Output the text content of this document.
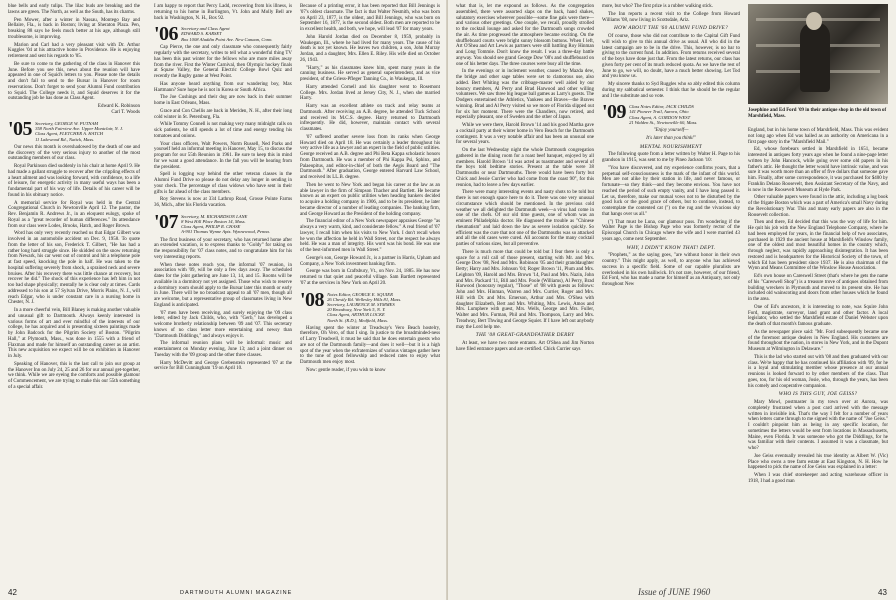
blue bells and early tulips. The lilac buds are breaking and the lawns are green. The North, as well as the South, has its charms.

Pen Mower, after a winter in Nassau, Montego Bay and Bellaire, Fla., is back in Boston; living at Sheraton Plaza. Pen, breaking 88 says he feels much better at his age, although still troublesome, is improving.

Marion and Carl had a very pleasant visit with Dr. Arthur Kuggles '04 at his attractive home in Providence. He is enjoying retirement and sent his regards to '05.

Be sure to come to the gathering of the class in Hanover this June. Before you see this, news about the reunion will have appeared in one of Squid's letters to you. Please note the details and don't fail to send to the Bursar in Hanover for room reservations. Don't forget to send your Alumni Fund contribution to Squid. The College needs it, and Squid deserves it for the outstanding job he has done as Class Agent.

Edward K. Robinson
Carl T. Woods
'05 Secretary, GEORGE W. PUTNAM
358 North Fairview Ave. Upper Montclair, N. J.
Class Agent, FLETCHER A. HATCH
11 Lakewood Rd., Natick, Mass.

Our news this month is overshadowed by the death of one and the discovery of the very serious injury to another of the most outstanding members of our class.

Royal Parkinson died suddenly in his chair at home April 9. He had made a gallant struggle to recover after the crippling effects of a heart ailment and was looking forward, with confidence, to a life of leisure, for energetic activity in many useful ways has been a fundamental part of his way of life. Details of his career will be found in his obituary notice.

A memorial service for Royal was held in the Central Congregational Church in Newtonville April 12. The pastor, the Rev. Benjamin R. Andrews Jr., in an eloquent eulogy, spoke of Royal as a "great recorder of human differences." Its attendance from our class were Lodes, Brooks, Hatch, and Roger Brown.

Word has only very recently reached us that Edgar Gilbert was involved in an automobile accident on Dec. 9, 1958. To quote from the letter of his son, Frederick T. Gilbert, "He has had a rather long hard struggle since. He skidded on the snow returning from Newark, his car went out of control and hit a telephone pole at fast speed, knocking the pole in half. He was taken to the hospital suffering severely from shock, a sprained neck and severe bruises. After his recovery there was little chance at recovery, but recover he did." The shock of this experience has left him in not too bad shape physically; mentally he is clear only at times. Cards addressed to his son at 57 Sylvan Drive, Morris Plains, N. J., will reach Edgar, who is under constant care in a nursing home in Chester, N. J.

In a more cheerful vein, Bill Blaney is making another valuable and unusual gift to Dartmouth. Always keenly interested in various forms of art and ever mindful of the interests of our college, he has acquired and is presenting sixteen paintings made by John Badcock for the Pilgrim Society of Boston. "Pilgrim Hall," at Plymouth, Mass., was done in 1555 with a friend of Flaxman and made for himself an outstanding career as an artist. This new acquisition we expect will be on exhibition in Hanover in July.

Speaking of Hanover, this is the last call to join our group at the Hanover Inn on July 24, 25 and 26 for our annual get-together, we think. While we are eyeing the comforts and possible glamour of Commencement, we are trying to make this our 55th something of a special affair.

I am happy to report that Percy Ladd, recovering from his illness, is returning to his home in Burlington, Vt. John and Molly Bell are back in Washington, N. H., Box 92.

'06 Secretary and Class Agent
EDWARD S. KARSET
Box 1008 Aladdin Point Ave. New Canaan, Conn.

Cap Pierce, the one and only classmate who consequently fairly regularly with the secretary, writes to tell what a wonderful thing TV has been this past winter for the fellows who are more miles away from the river. First the Winter Carnival, then Olympic hockey finals at Squaw Valley, the General Electric College Bowl Quiz and recently the Rugby game at West Point.

Has anyone heard anything from our wandering boy, Max Hartmann? Sure hope he is not in Korea or South Africa.

The Joe Cushings and their dog are now back in their summer home in East Orleans, Mass.

Grace and Con Chellis are back in Meriden, N. H., after their long cold winter in St. Petersburg, Fla.

While Tommy Connell is not making very many midnight calls on sick patients, he still spends a lot of time and energy tending his tomatoes and onions.

Your class officers, Walt Powers, Norm Russell, Ned Parks and yourself held an informal meeting in Hanover, May 15, to discuss the program for our 55th Reunion in 1961. Be sure to keep this in mind for we want a good attendance. In the fall you will be hearing from the president.

Spell is logging way behind the other veteran classes in the Alumni Fund Drive so please do not delay any longer in sending in your check. The percentage of class widows who have sent in their gifts is far ahead of the class members.

Roy Stevens is now at 334 Lathrop Road, Grosse Pointe Farms 36, Mich., after his Florida vacation.

'07 Secretary, M. RICHARDSON LANE
8 West Hill Place Boston 14, Mass.
Class Agent, PHILIP R. CHASE
A-901 Thomas Wynne Apts. Wynnewood, Penna.

The first business of your secretary, who has returned home after an extended vacation, is to express thanks to "Goldy" for taking on the responsibility for '07 class notes, and to congratulate him for his very interesting reports.

When these notes reach you, the informal '07 reunion, in association with '09, will be only a few days away. The scheduled dates for the joint gathering are June 13, 14, and 15. Rooms will be available in a dormitory not yet assigned. Those who wish to reserve a dormitory room should apply to the Bursar later this month or early in June. There will be no broadcast appeal to all '07 men, though all are welcome, but a representative group of classmates living in New England is anticipated.

'07 men have been receiving, and surely enjoying the '09 class letter, edited by Jack Childs, who, with "Gerb," has developed a welcome brotherly relationship between '09 and '07. This secretary knows of no class letter more entertaining and newsy than "Dartmouth Diddlings," and always enjoys it.

The informal reunion plans will be informal: music and entertainment on Monday evening, June 13; and a joint dinner on Tuesday with the '09 group and the other three classes.

Harry McDevitt and George Grebenstein represented '07 at the service for Bill Cunningham '19 on April 10.

Because of a printing error, it has been reported that Bill Jennings is '07's oldest classmate. The fact is that Walter Nesmith, who was born on April 23, 1877, is the oldest, and Bill Jennings, who was born on September 16, 1877, is the second oldest. Both men are reported to be in excellent health, and both, we hope, will lead '07 for many years.

John Harold Jordan died on December 8, 1959, probably in Waukegan, Ill., where he had lived for many years. The cause of his death is not yet known. He leaves two children, a son, John Murray Jordan, and a daughter, Mrs. Ellen E. Riley. His wife died on October 26, 1943.

"Harry," as his classmates knew him, spent many years in the canning business. He served as general superintendent, and as vice president, of the Griess-Pfleger Tanning Co., in Waukegan, Ill.

Harry attended Cornell and his daughter went to Rosemont College. Mrs. Jordan lived at Jersey City, N. J., when she married Harry.

Harry was an excellent athlete on track and relay teams at Dartmouth. After receiving an A.B. degree, he attended Tuck School and received its M.C.S. degree. Harry returned to Dartmouth infrequently. He did, however, maintain contact with several classmates.

'07 suffered another severe loss from its ranks when George Howard died on April 18. He was certainly a leader throughout his very active life as a lawyer and an expert in the field of public utilities. George received an A.B. degree and Phi Beta Kappa scholastic honors from Dartmouth. He was a member of Phi Kappa Psi, Sphinx, and Palaeopitus, and editor-in-chief of both the Aegis Board and "The Dartmouth." After graduation, George entered Harvard Law School, and received its LL.B. degree.

Then he went to New York and began his career at the law as an able lawyer in the firm of Simpson Thacher and Bartlett. He became known as an expert on public utilities when heading bankers decided to acquire a holding company in 1906, and to be its president, he later became director of a number of leading companies. The banking firm, and George Howard as the President of the holding company.

The financial editor of a New York newspaper appraises George "as always a very warm, kind, and considerate fellow." A real friend of '07 lawyer, I recall him when his visits to New York. I don't recall when he won the affection he held in Wall Street, nor the respect he always held. He was a man of integrity. His word was his bond. He was one of the best-informed men in Wall Street."

George's son, George Howard Jr., is a partner in Harris, Upham and Company, a New York investment banking firm.

George was born in Craftsbury, Vt., on Nov. 24, 1885. He has now returned to that quiet and peaceful village. Sam Bartlett represented '07 at the services in New York on April 20.

'08 Notes Editor, GEORGE E. SQUIER
26 Chestly Rd. Wellesley Hills 81, Mass.
Secretary, LAURENCE M. SYMMES
20 Broadway, New York 5, N. Y.
Class Agent, ARTHUR LOCKE
North St. (R.D.), Medfield, Mass.

Having spent the winter at Treadway's Vero Beach hostelry, therefore, Oh Vero, of that I sing. In justice to the broadminded-ness of Larry Treadwell, it must be said that he does entertain guests who are not of the Dartmouth family—and does it well—but it is a high spot of the year when the exfraternizes of various vintages gather here to the tune of good fellowship and reduced rates to enjoy what Dartmouth men enjoy most.

Now: gentle reader, if you wish to know

42	DARTMOUTH ALUMNI MAGAZINE

what that is, let me expound as follows. As the congregation assembled, there were assorted slaps on the back, hand shakes, salutatory exercises wherever possible—some fine gals were there—and various other greetings. One couple, we recall, proudly strolled to the cocktail lounge and asked for the Dartmouth songs crowded the air. As time progressed the atmosphere became exciting. On the shuffleboard courts were bright sunny blossom buttons. When I left, Art O'Shea and Art Lewis as partners were still battling Roy Hinman and Long Tommie. Don't know the result. I was a three-day battle anyway. You should see grand George Dow '08's and shuffleboard on one of his better days. The three courses were busy all the time.

In the evenings or in inclement weather, caused by Mazda dew, the bridge and other sage tables were set to clamorous use, also added. Bert Whiting was the cribbage-master well aided by our bouncy members, Al Perry and Brad Harwood and other willing volunteers. We saw three big league ball games as Larry's guests. The Dodgers entertained the Athletics, Yankees and Braves—the Braves winning. Brad and Al Perry visited so we more of Florida slipped out for six hot moment. There were the Chandlers, now retired, and especially pleasant, one of Sweden and the other of Japan.

While we were there, Harold Brown '14 and his good Martha gave a cocktail party at their winter home in Vero Beach for the Dartmouth contingent. It was a very notable affair and has been an unusual one for several years.

On the last Wednesday night the whole Dartmouth congregation gathered in the dining room for a roast beef banquet, enjoyed by all members. Harold Brown '14 was acted as toastmaster and several of the boys told bedtime stories. Present at the table were 38 Dartmouths or near Dartmouths. There would have been forty but Chick and Jessie Currier who had come from the coast 90°, for this reunion, had to leave a few days earlier.

There were many interesting events and nasty shots to be told but there is not enough space here to do it. There was one very unusual circumstance which should be mentioned. In the previous cold weather we all delighted the Dartmouth week—a virus had come in one of the chefs. Of our old time guests, one of whom was an eminent Philadelphia doctor. He diagnosed the trouble as "Chinese rheumatism" and laid down the law as severe isolation quickly. So efficient was the cure that not one of the Dartmouths was so attacked and all the old cases were cured. All accounts for the many cocktail parties of various sizes, but all preventive.

There is much more that could be told but I fear there is only a space for a roll call of those present, starting with Mr. and Mrs. George Dow '08, Ned and Mrs. Robinson '05 and their granddaughter Betty; Harry and Mrs. Johnson '04; Roger Brown '11, Plum and Mrs. Leighton '09, Harold and Mrs. Brown '14, Paul and Mrs. Nazin, John and Mrs. Packard '11, Bill and Mrs. Poole (Williams), Al Perry, Brad Harwood (honorary regular), "Those" of '08 with guests as follows: John and Mrs. Hinman, Warren and Mrs. Currier, Roger and Mrs. Hill with Dr. and Mrs. Emerson, Arthur and Mrs. O'Shea with daughter Elizabeth, Bert and Mrs. Whiting, Mrs. Lewis, Amos and Mrs. Lumphere with guest, Mrs. Wells, George and Mrs. Fuller, Walter and Mrs. Furman, Phil and Mrs. Thompson, Larry and Mrs. Treadway, Bert Thwing and George Squier. If I have left out anybody may the Lord help me.

THE '08 GREAT-GRANDFATHER DERBY

At least, we have two more entrants. Art O'Shea and Jim Norton have filed entrance papers and are certified. Chick Currier says

more, but who? The first prize is a rubber walking stick.

The Inn reports a recent visit to the College from Howard Williams '08, now living in Scottsdale, Ariz.

HOW ABOUT THE '60 ALUMNI FUND DRIVE?

Of course, those who did not contribute to the Capital Gift Fund will wish to give to this annual drive as usual. All who did in the latest campaign are to be in the drive. This, however, is no bar to giving to the current fund. In addition. From returns received several of the boys have done just that. From the latest returns, our class has given forty per cent of its much reduced quota. As we have the rest of June to go, we will, no doubt, have a much better showing. Let Tod and you know us.

My sincere thanks to Syd Ruggles who so ably edited this column during my sabbatical semester. I think that he should be the regular and I the substitute and so vote.

'09 Class Notes Editor, JACK CHILDS
141 Pioneer Trail, Aurora, Ohio
Class Agent, A. GORDON WEST
21 Walden St., Newtonville 60, Mass.
"Enjoy yourself—
It's later than you think!"
MENTAL NOURISHMENT

The following quote from a letter written by Walter H. Page to his grandson in 1915, was sent to me by Pineo Jackson '10:

"You have discovered, and my experience confirms yours, that a perpetual self-consciousness is the mark of the infant of this world. Men are not alike by their station in life, and never famous, or fortunate—so they think—and they become envious. You have not reached the period of such empty vanity, and I have long passed it. Let us, therefore, make our mutual vows not to be disturbed by the good luck or the good grace of others, but to continue, instead, to contemplate the contented cat (") on the rug and the vivacious sky that hangs over us all."

(") That must be Luna, our glamour puss. I'm wondering if the Walter Page is the Bishop Page who was formerly rector of the Episcopal Church in Chicago where the wife and I were married 43 years ago, come next September.

WHY, I DIDN'T KNOW THAT! DEPT.

"Prophets," as the saying goes, "are without honor in their own country." This might apply, as well, to anyone who has achieved success in a specific field. Some of our capable pluralists are overlooked in his own bailiwick. It's not rare, however, of our friend, Ed Ford, who has made a name for himself as an Antiquary, not only throughout New

Josephine and Ed Ford '09 in their antique shop in the old town of Marshfield, Mass.

England, but in his home town of Marshfield, Mass. This was evident not long ago when Ed was hailed as an authority on Americana in a first page story in the "Marshfield Mail."

Ed, whose forebears settled in Marshfield in 1651, became interested in antiques forty years ago when he found a nine-page letter written by John Hancock, while going over some old papers in his father's attic. He thought the letter would have intrinsic value, and was sure it was worth more than an offer of five dollars that someone gave him. Finally, after some correspondence, it was purchased for $400 by Franklin Delano Roosevelt, then Assistant Secretary of the Navy, and is now in the Roosevelt Museum at Hyde Park.

Other valuable papers were found in the attic, including a log book of the frigate Boston which was a part of America's small Navy during the Revolutionary War. This and many early papers are also in the Roosevelt collection.

Then and there, Ed decided that this was the way of life for him. He quit his job with the New England Telephone Company, where he had been employed for years, in the financial help of two associates, purchased in 1929 the ancient house at Marshfield's Winslow family, one of the oldest and most beautiful homes in the country which, through neglect, was rapidly approaching disintegration. It has been restored and is headquarters for the Historical Society of the town, of which Ed has been president since 1937. He is also chairman of the Wynn and Means Committee of the Winslow House Association.

Ed's own house on Careswell Street (that's where he gets the name of his "Careswell Shop") is a treasure trove of antiques obtained from building wreckers in Plymouth and moved to its present site. He has included old wainscoting and doors from other houses which he found in the area.

One of Ed's ancestors, it is interesting to note, was Squire John Ford, magistrate, surveyor, land grant and other factor. A local legislator, who settled the Marshfield estate of Daniel Webster upon the death of that month's famous graduate.

As the newspaper piece said: "Mr. Ford subsequently became one of the foremost antique dealers in New England. His customers are found throughout the nation, in stores in New York, and in the Dupont Museum at Wilmington in Delaware."

This is the lad who started out with '08 and then graduated with our class. We're happy that he has continued his affiliation with '09, for he is a loyal and stimulating member whose presence at our annual reunions is looked forward to by other members of the class. That goes, too, for his old woman, Josie, who, through the years, has been his comely and cooperative companion.

WHO IS THIS GUY, JOE GEISS?

Mary Mowl, postmaster in my town over at Aurora, was completely frustrated when a post card arrived with the message written in invisible ink. That's the way I felt for a number of years when letters came through to me signed with the name of "Joe Geiss." I couldn't pinpoint him as being in any specific location, for sometimes the letters would be sent from locations in Massachusetts, Maine, even Florida. It was someone who got the Diddlings, for he was familiar with their contents. I assumed it was a classmate, but who?

Joe Geiss eventually revealed his true identity as Albert W. (Vic) Place who owns a tree farm estate at East Kingston, N. H. How he happened to pick the name of Joe Geiss was explained in a letter:

When I was chief storekeeper and acting warehouse officer in 1918, I had a good man

Issue of JUNE 1960	43
